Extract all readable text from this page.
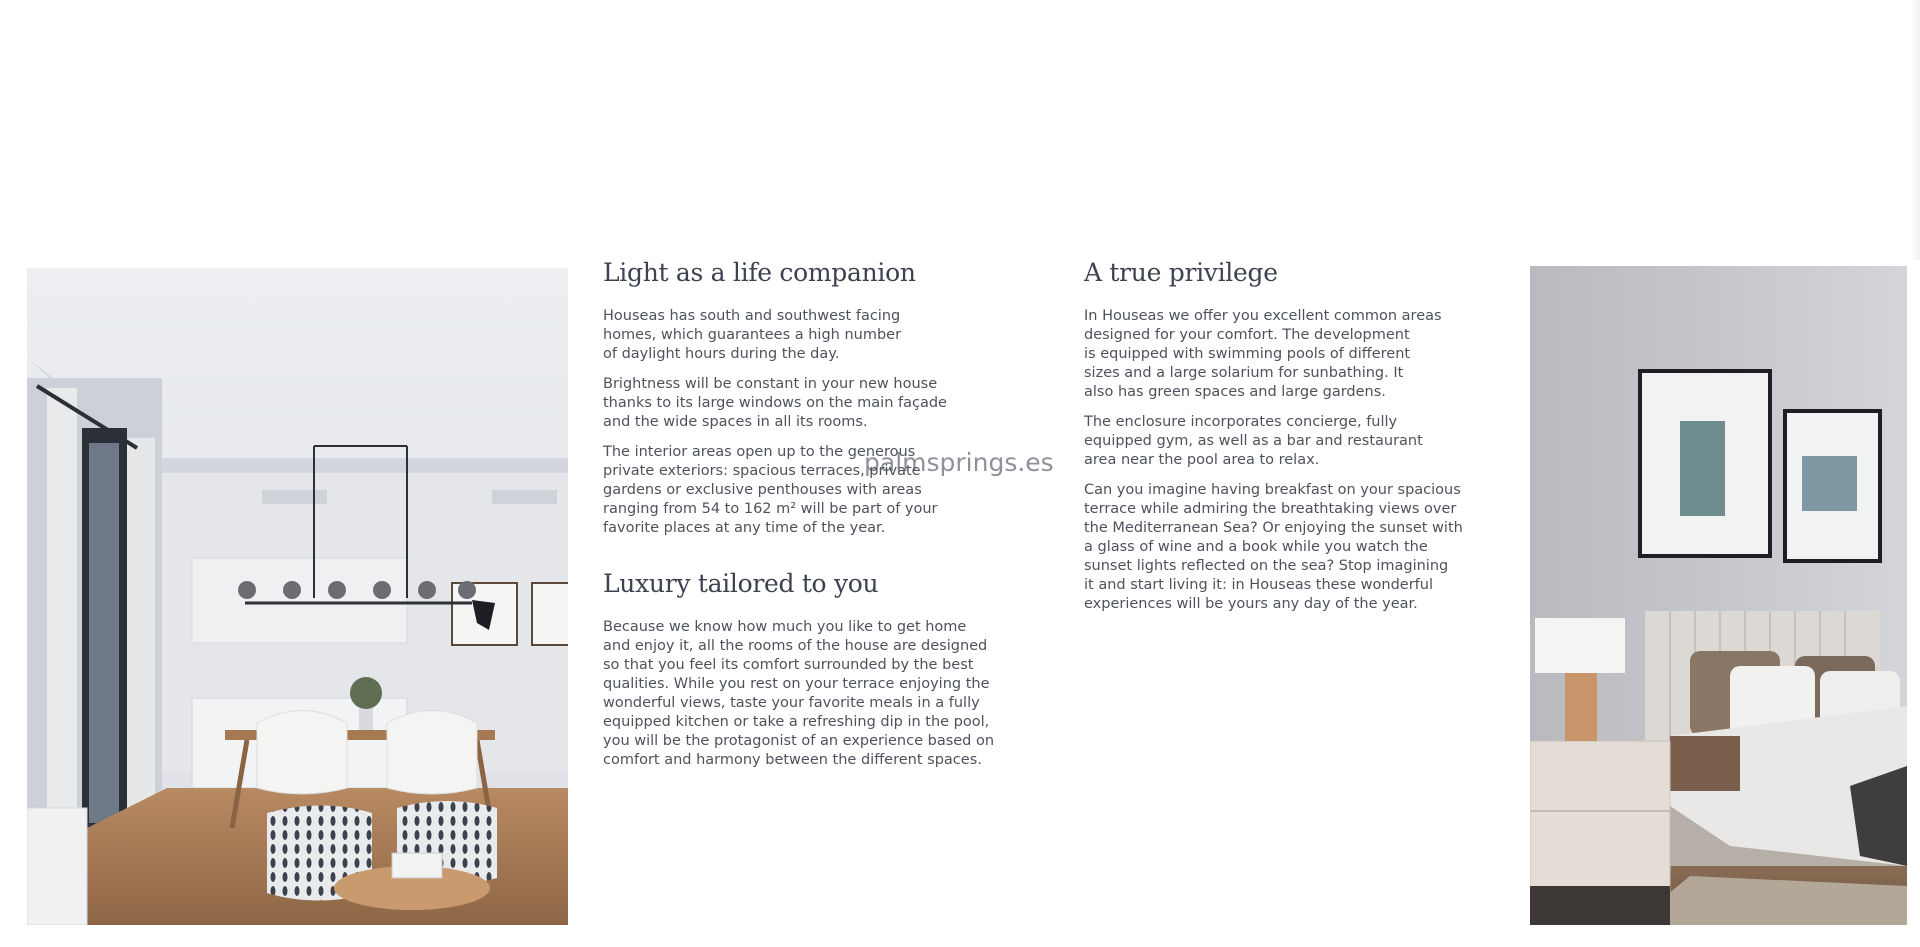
Light as a life companion

Houseas has south and southwest facing
homes, which guarantees a high number
of daylight hours during the day.

Brightness will be constant in your new house
thanks to its large windows on the main façade
and the wide spaces in all its rooms.

The interior areas open up to the generous
private exteriors: spacious terraces, private
gardens or exclusive penthouses with areas
ranging from 54 to 162 m² will be part of your
favorite places at any time of the year.

Luxury tailored to you

Because we know how much you like to get home
and enjoy it, all the rooms of the house are designed
so that you feel its comfort surrounded by the best
qualities. While you rest on your terrace enjoying the
wonderful views, taste your favorite meals in a fully
equipped kitchen or take a refreshing dip in the pool,
you will be the protagonist of an experience based on
comfort and harmony between the different spaces.

A true privilege

In Houseas we offer you excellent common areas
designed for your comfort. The development
is equipped with swimming pools of different
sizes and a large solarium for sunbathing. It
also has green spaces and large gardens.

The enclosure incorporates concierge, fully
equipped gym, as well as a bar and restaurant
area near the pool area to relax.

Can you imagine having breakfast on your spacious
terrace while admiring the breathtaking views over
the Mediterranean Sea? Or enjoying the sunset with
a glass of wine and a book while you watch the
sunset lights reflected on the sea? Stop imagining
it and start living it: in Houseas these wonderful
experiences will be yours any day of the year.

palmsprings.es
